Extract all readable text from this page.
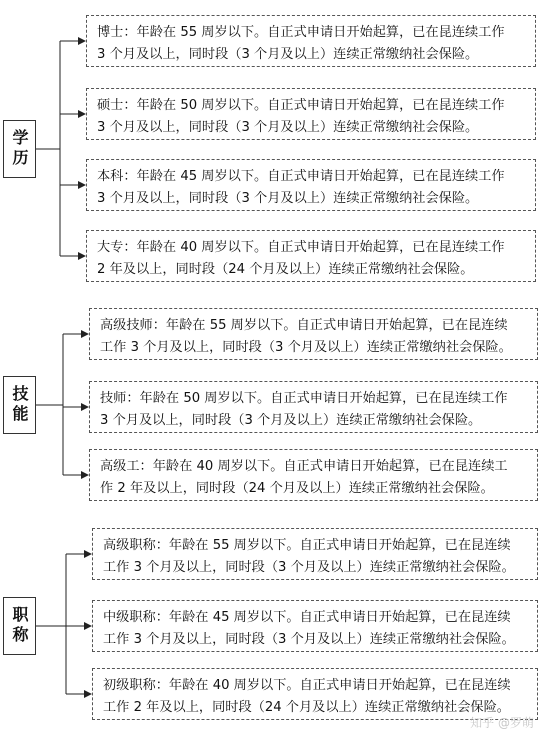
学历
博士：年龄在 55 周岁以下。自正式申请日开始起算，已在昆连续工作
3 个月及以上，同时段（3 个月及以上）连续正常缴纳社会保险。
硕士：年龄在 50 周岁以下。自正式申请日开始起算，已在昆连续工作
3 个月及以上，同时段（3 个月及以上）连续正常缴纳社会保险。
本科：年龄在 45 周岁以下。自正式申请日开始起算，已在昆连续工作
3 个月及以上，同时段（3 个月及以上）连续正常缴纳社会保险。
大专：年龄在 40 周岁以下。自正式申请日开始起算，已在昆连续工作
2 年及以上，同时段（24 个月及以上）连续正常缴纳社会保险。
技能
高级技师：年龄在 55 周岁以下。自正式申请日开始起算，已在昆连续
工作 3 个月及以上，同时段（3 个月及以上）连续正常缴纳社会保险。
技师：年龄在 50 周岁以下。自正式申请日开始起算，已在昆连续工作
3 个月及以上，同时段（3 个月及以上）连续正常缴纳社会保险。
高级工：年龄在 40 周岁以下。自正式申请日开始起算，已在昆连续工
作 2 年及以上，同时段（24 个月及以上）连续正常缴纳社会保险。
职称
高级职称：年龄在 55 周岁以下。自正式申请日开始起算，已在昆连续
工作 3 个月及以上，同时段（3 个月及以上）连续正常缴纳社会保险。
中级职称：年龄在 45 周岁以下。自正式申请日开始起算，已在昆连续
工作 3 个月及以上，同时段（3 个月及以上）连续正常缴纳社会保险。
初级职称：年龄在 40 周岁以下。自正式申请日开始起算，已在昆连续
工作 2 年及以上，同时段（24 个月及以上）连续正常缴纳社会保险。
知乎 @罗萌
